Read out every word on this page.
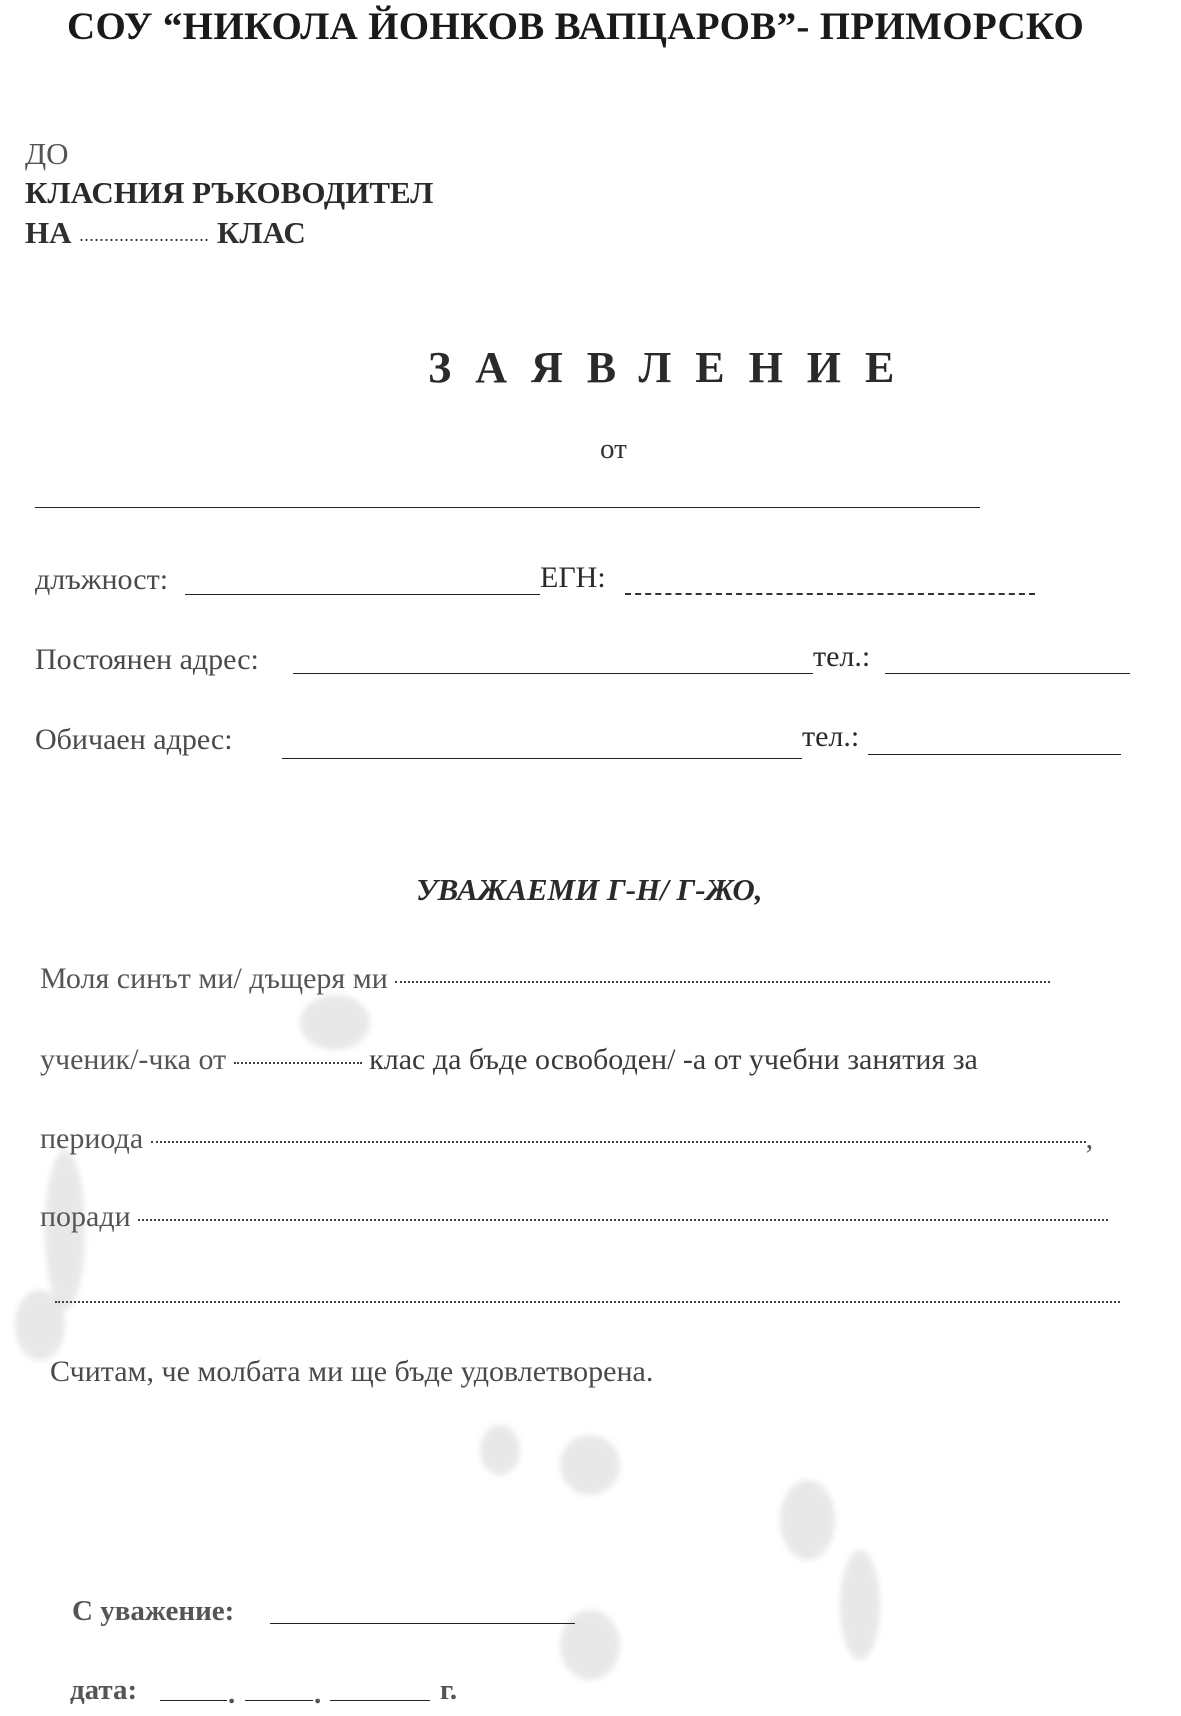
СОУ “НИКОЛА ЙОНКОВ ВАПЦАРОВ”- ПРИМОРСКО
ДО
КЛАСНИЯ РЪКОВОДИТЕЛ
НА .......................... КЛАС
ЗАЯВЛЕНИЕ
от
длъжност:	ЕГН:
Постоянен адрес:	тел.:
Обичаен адрес:	тел.:
УВАЖАЕМИ Г-Н/ Г-ЖО,
Моля синът ми/ дъщеря ми
ученик/-чка от	клас да бъде освободен/ -а от учебни занятия за
периода	,
поради
Считам, че молбата ми ще бъде удовлетворена.
С уважение:
дата:	.	.	г.
